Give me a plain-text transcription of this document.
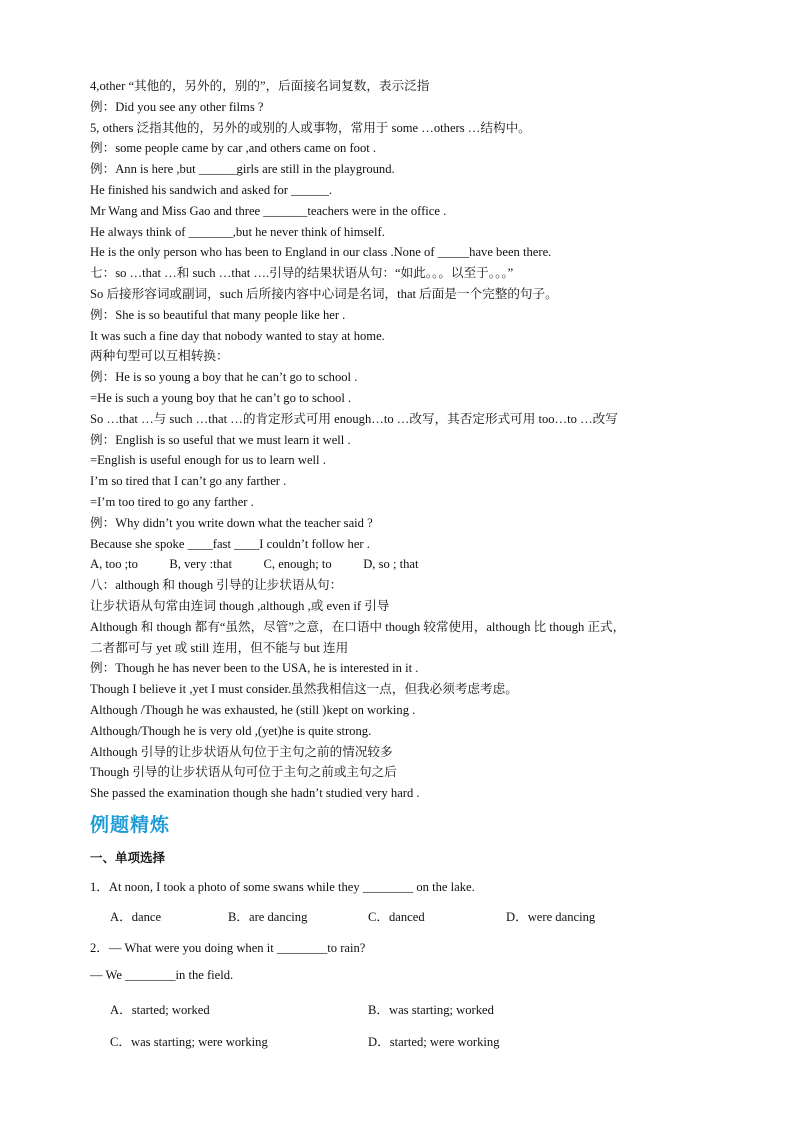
4,other “其他的，另外的，别的”，后面接名词复数，表示泛指
例：Did you see any other films ?
5, others 泛指其他的，另外的或别的人或事物，常用于 some …others …结构中。
例：some people came by car ,and others came on foot .
例：Ann is here ,but ______girls are still in the playground.
He finished his sandwich and asked for ______.
Mr Wang and Miss Gao and three _______teachers were in the office .
He always think of _______,but he never think of himself.
He is the only person who has been to England in our class .None of _____have been there.
七：so …that …和 such …that ….引导的结果状语从句：“如此。。。以至于。。。”
So 后接形容词或副词，such 后所接内容中心词是名词，that 后面是一个完整的句子。
例：She is so beautiful that many people like her .
It was such a fine day that nobody wanted to stay at home.
两种句型可以互相转换：
例：He is so young a boy that he can’t go to school .
=He is such a young boy that he can’t go to school .
So …that …与 such …that …的肯定形式可用 enough…to …改写，其否定形式可用 too…to …改写
例：English is so useful that we must learn it well .
=English is useful enough for us to learn well .
I’m so tired that I can’t go any farther .
=I’m too tired to go any farther .
例：Why didn’t you write down what the teacher said ?
Because she spoke ____fast ____I couldn’t follow her .
A, too ;to          B, very :that          C, enough; to          D, so ; that
八：although 和 though 引导的让步状语从句：
让步状语从句常由连词 though ,although ,或 even if 引导
Although 和 though 都有“虽然，尽管”之意，在口语中 though 较常使用，although 比 though 正式，
二者都可与 yet 或 still 连用，但不能与 but 连用
例：Though he has never been to the USA, he is interested in it .
Though I believe it ,yet I must consider.虽然我相信这一点，但我必须考虑考虑。
Although /Though he was exhausted, he (still )kept on working .
Although/Though he is very old ,(yet)he is quite strong.
Although 引导的让步状语从句位于主句之前的情况较多
Though 引导的让步状语从句可位于主句之前或主句之后
She passed the examination though she hadn’t studied very hard .
例题精炼
一、单项选择
1．At noon, I took a photo of some swans while they ________ on the lake.
A．dance	B．are dancing	C．danced	D．were dancing
2．— What were you doing when it ________to rain?
— We ________in the field.
A．started; worked	B．was starting; worked
C．was starting; were working	D．started; were working
